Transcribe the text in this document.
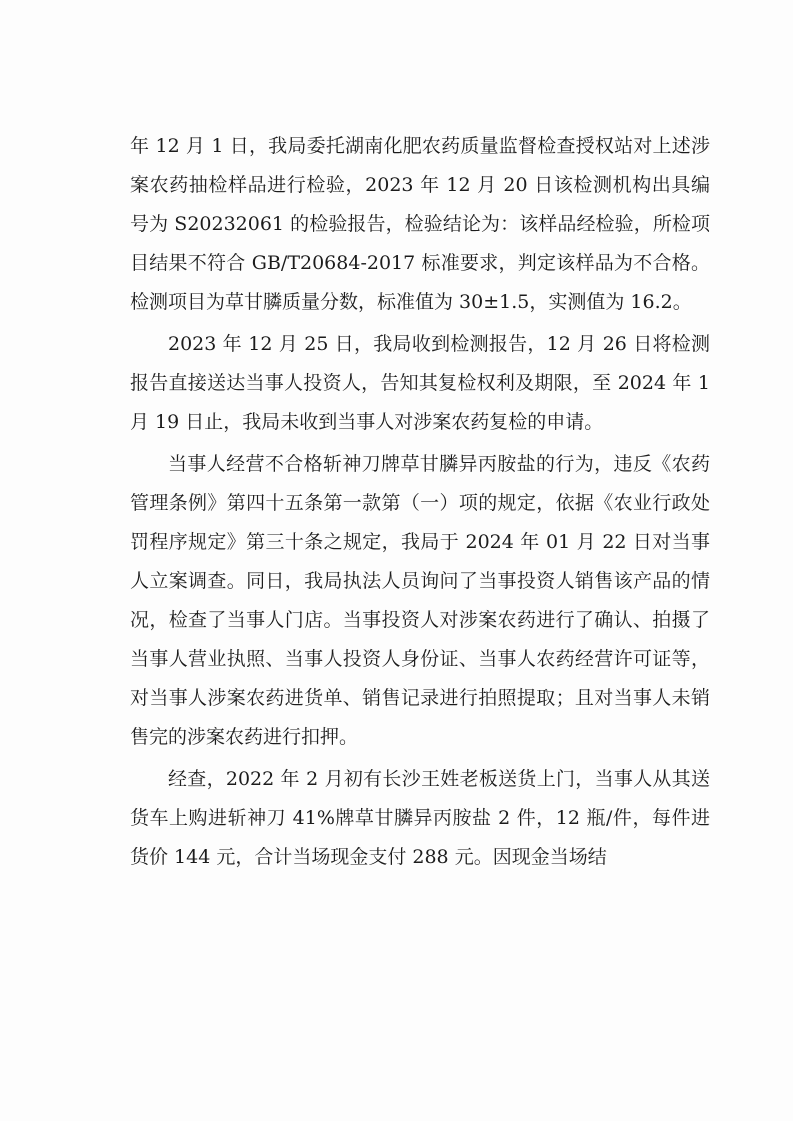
年 12 月 1 日，我局委托湖南化肥农药质量监督检查授权站对上述涉案农药抽检样品进行检验，2023 年 12 月 20 日该检测机构出具编号为 S20232061 的检验报告，检验结论为：该样品经检验，所检项目结果不符合 GB/T20684-2017 标准要求，判定该样品为不合格。检测项目为草甘膦质量分数，标准值为 30±1.5，实测值为 16.2。

2023 年 12 月 25 日，我局收到检测报告，12 月 26 日将检测报告直接送达当事人投资人，告知其复检权利及期限，至 2024 年 1 月 19 日止，我局未收到当事人对涉案农药复检的申请。

当事人经营不合格斩神刀牌草甘膦异丙胺盐的行为，违反《农药管理条例》第四十五条第一款第（一）项的规定，依据《农业行政处罚程序规定》第三十条之规定，我局于 2024 年 01 月 22 日对当事人立案调查。同日，我局执法人员询问了当事投资人销售该产品的情况，检查了当事人门店。当事投资人对涉案农药进行了确认、拍摄了当事人营业执照、当事人投资人身份证、当事人农药经营许可证等，对当事人涉案农药进货单、销售记录进行拍照提取；且对当事人未销售完的涉案农药进行扣押。

经查，2022 年 2 月初有长沙王姓老板送货上门，当事人从其送货车上购进斩神刀 41%牌草甘膦异丙胺盐 2 件，12 瓶/件，每件进货价 144 元，合计当场现金支付 288 元。因现金当场结
